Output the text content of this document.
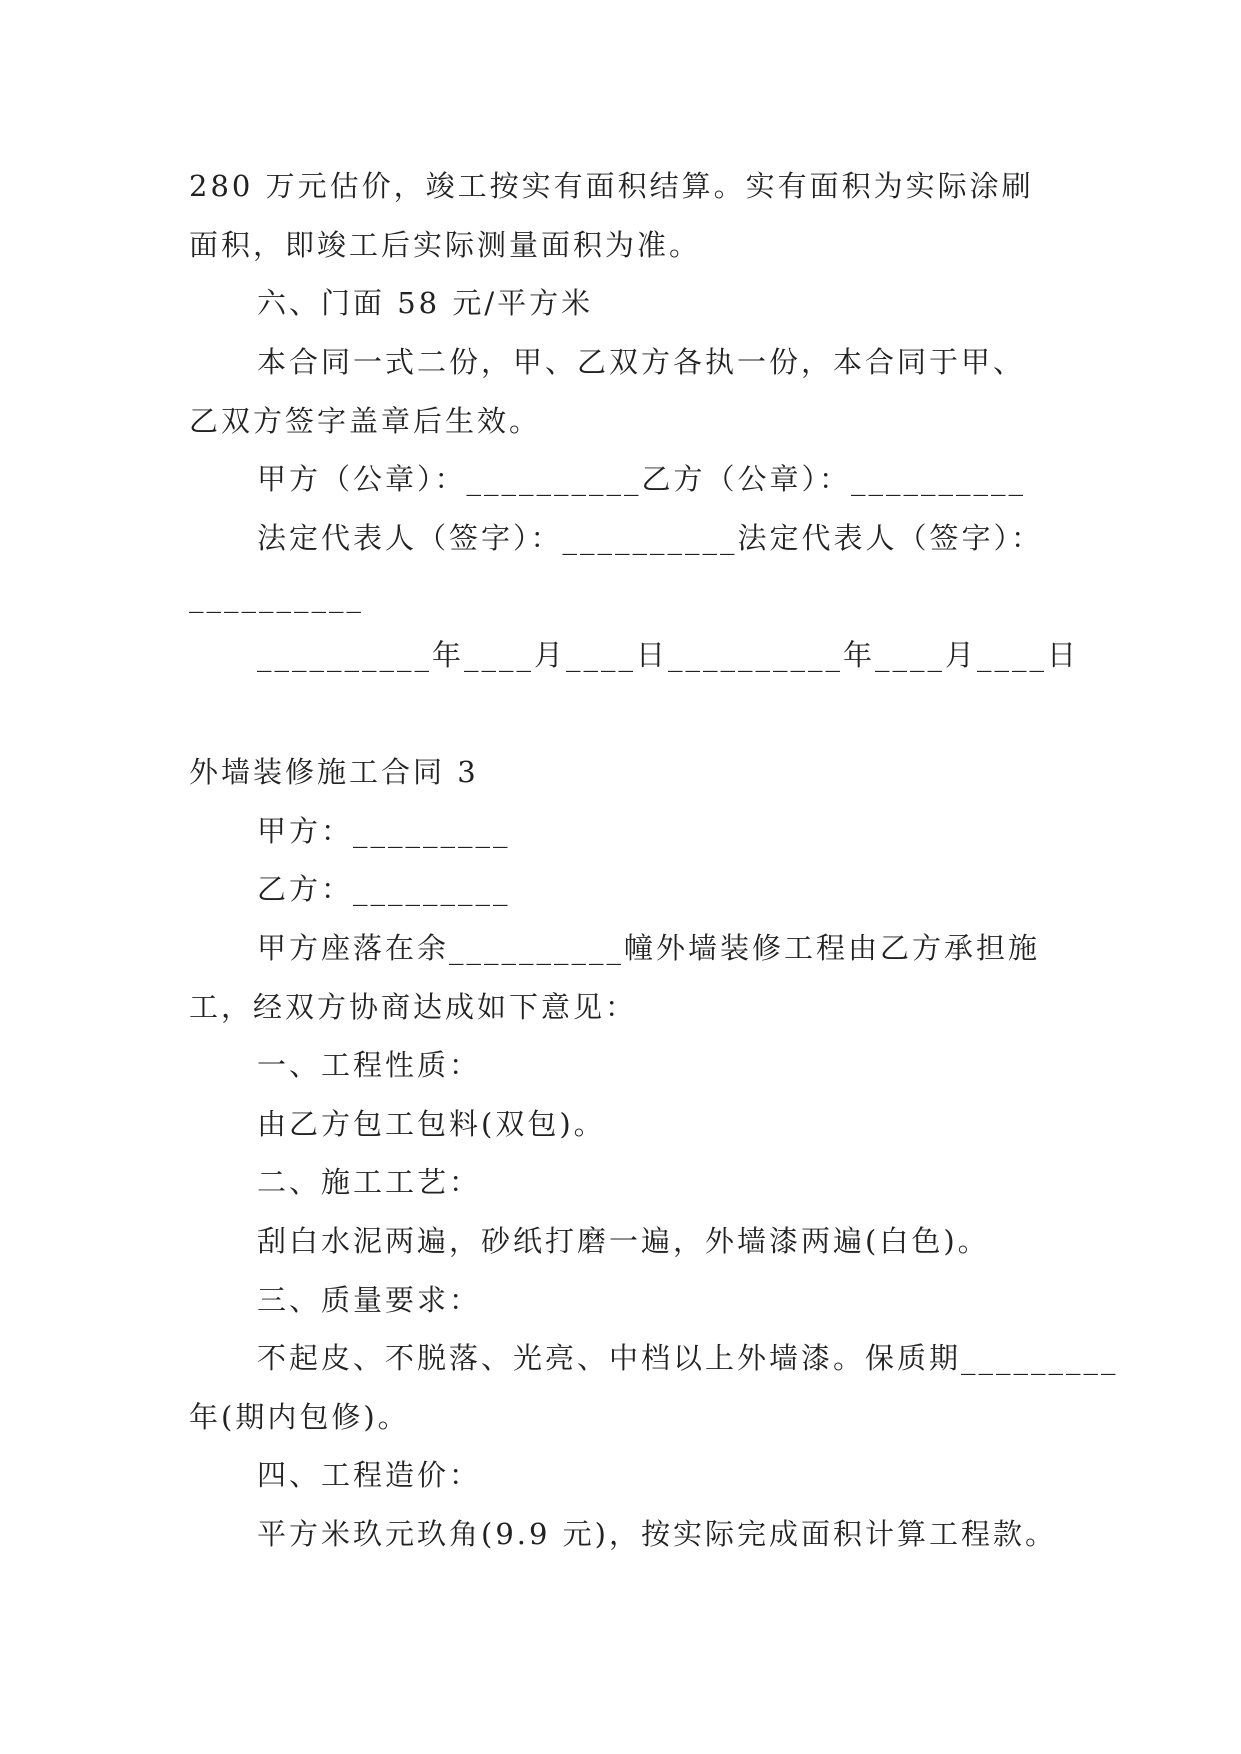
280 万元估价，竣工按实有面积结算。实有面积为实际涂刷
面积，即竣工后实际测量面积为准。
六、门面 58 元/平方米
本合同一式二份，甲、乙双方各执一份，本合同于甲、
乙双方签字盖章后生效。
甲方（公章）：__________乙方（公章）：__________
法定代表人（签字）：__________法定代表人（签字）：
__________
__________年____月____日__________年____月____日
外墙装修施工合同 3
甲方：_________
乙方：_________
甲方座落在余__________幢外墙装修工程由乙方承担施
工，经双方协商达成如下意见：
一、工程性质：
由乙方包工包料(双包)。
二、施工工艺：
刮白水泥两遍，砂纸打磨一遍，外墙漆两遍(白色)。
三、质量要求：
不起皮、不脱落、光亮、中档以上外墙漆。保质期_________
年(期内包修)。
四、工程造价：
平方米玖元玖角(9.9 元)，按实际完成面积计算工程款。
